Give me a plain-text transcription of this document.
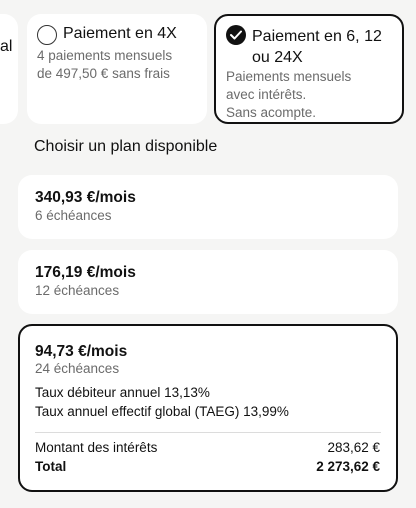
al
Paiement en 4X
4 paiements mensuels
de 497,50 € sans frais
Paiement en 6, 12 ou 24X
Paiements mensuels
avec intérêts.
Sans acompte.
Choisir un plan disponible
340,93 €/mois
6 échéances
176,19 €/mois
12 échéances
94,73 €/mois
24 échéances
Taux débiteur annuel 13,13%
Taux annuel effectif global (TAEG) 13,99%
Montant des intérêts	283,62 €
Total	2 273,62 €
